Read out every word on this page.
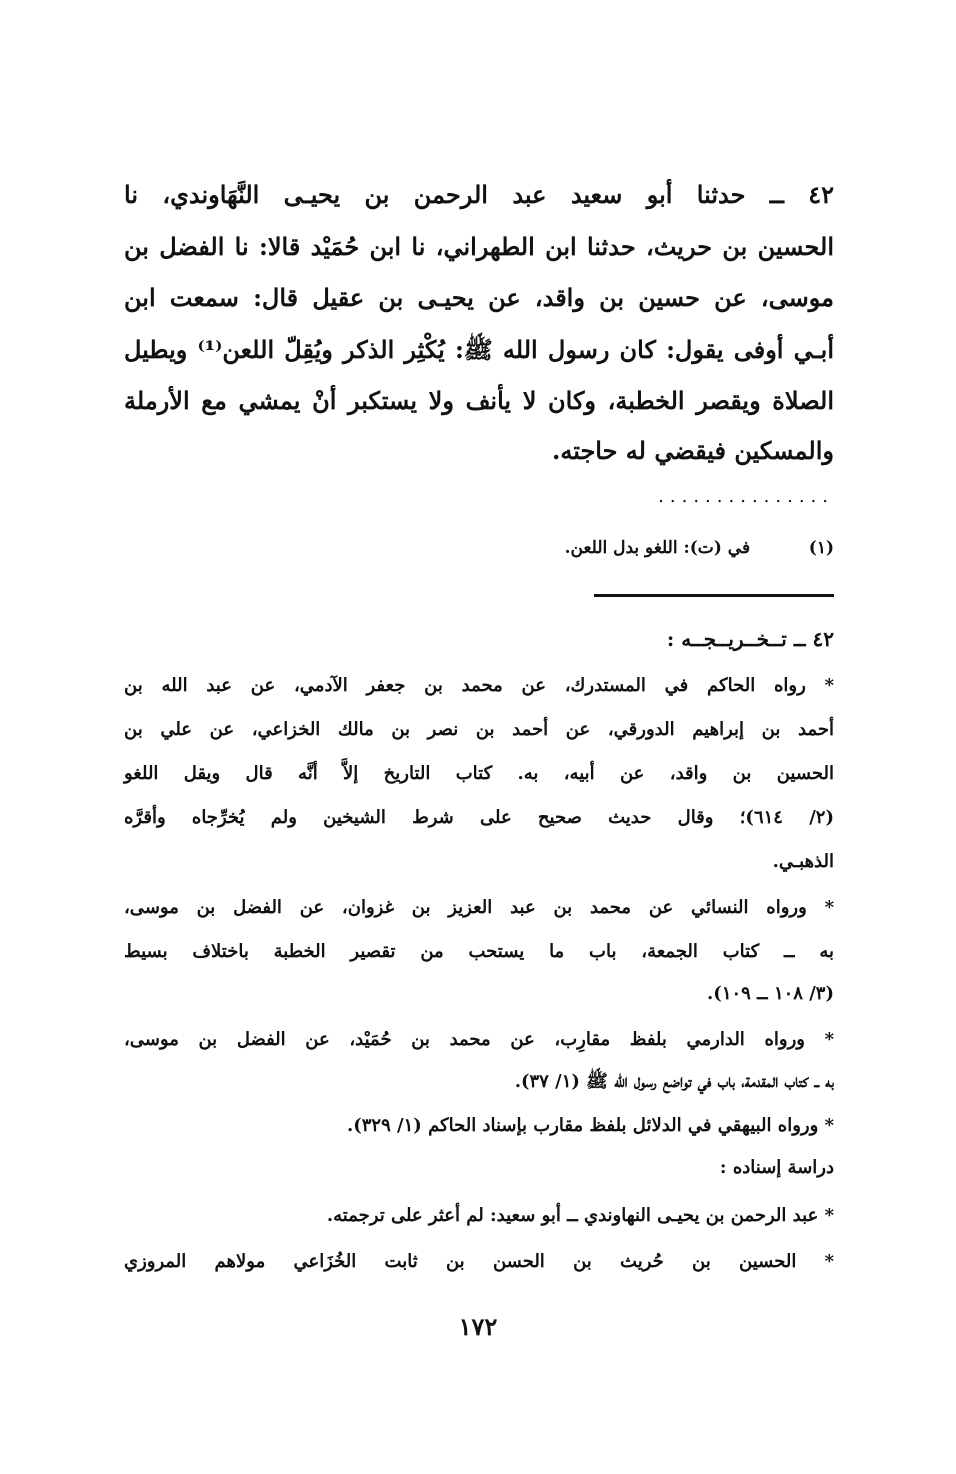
٤٢ ــ حدثنا أبو سعيد عبد الرحمن بن يحيـى النَّهَاوندي، نا
الحسين بن حريث، حدثنا ابن الطهراني، نا ابن حُمَيْد قالا: نا الفضل بن
موسى، عن حسين بن واقد، عن يحيـى بن عقيل قال: سمعت ابن
أبـي أوفى يقول: كان رسول الله ﷺ: يُكْثِر الذكر ويُقِلّ اللعن⁽¹⁾ ويطيل
الصلاة ويقصر الخطبة، وكان لا يأنف ولا يستكبر أنْ يمشي مع الأرملة
والمسكين فيقضي له حاجته.
...............
(١) في (ت): اللغو بدل اللعن.
٤٢ ــ تــخــريــجــه :
* رواه الحاكم في المستدرك، عن محمد بن جعفر الآدمي، عن عبد الله بن
أحمد بن إبراهيم الدورقي، عن أحمد بن نصر بن مالك الخزاعي، عن علي بن
الحسين بن واقد، عن أبيه، به. كتاب التاريخ إلاَّ أنَّه قال ويقل اللغو
(٢/ ٦١٤)؛ وقال حديث صحيح على شرط الشيخين ولم يُخرِّجاه وأقرَّه
الذهبـي.
* ورواه النسائي عن محمد بن عبد العزيز بن غزوان، عن الفضل بن موسى،
به ــ كتاب الجمعة، باب ما يستحب من تقصير الخطبة باختلاف بسيط
(٣/ ١٠٨ ــ ١٠٩).
* ورواه الدارمي بلفظ مقارِب، عن محمد بن حُمَيْد، عن الفضل بن موسى،
به ــ كتاب المقدمة، باب في تواضع رسول الله ﷺ (١/ ٣٧).
* ورواه البيهقي في الدلائل بلفظ مقارب بإسناد الحاكم (١/ ٣٢٩).
دراسة إسناده :
* عبد الرحمن بن يحيـى النهاوندي ــ أبو سعيد: لم أعثر على ترجمته.
* الحسين بن حُريث بن الحسن بن ثابت الخُزَاعي مولاهم المروزي
١٧٢
